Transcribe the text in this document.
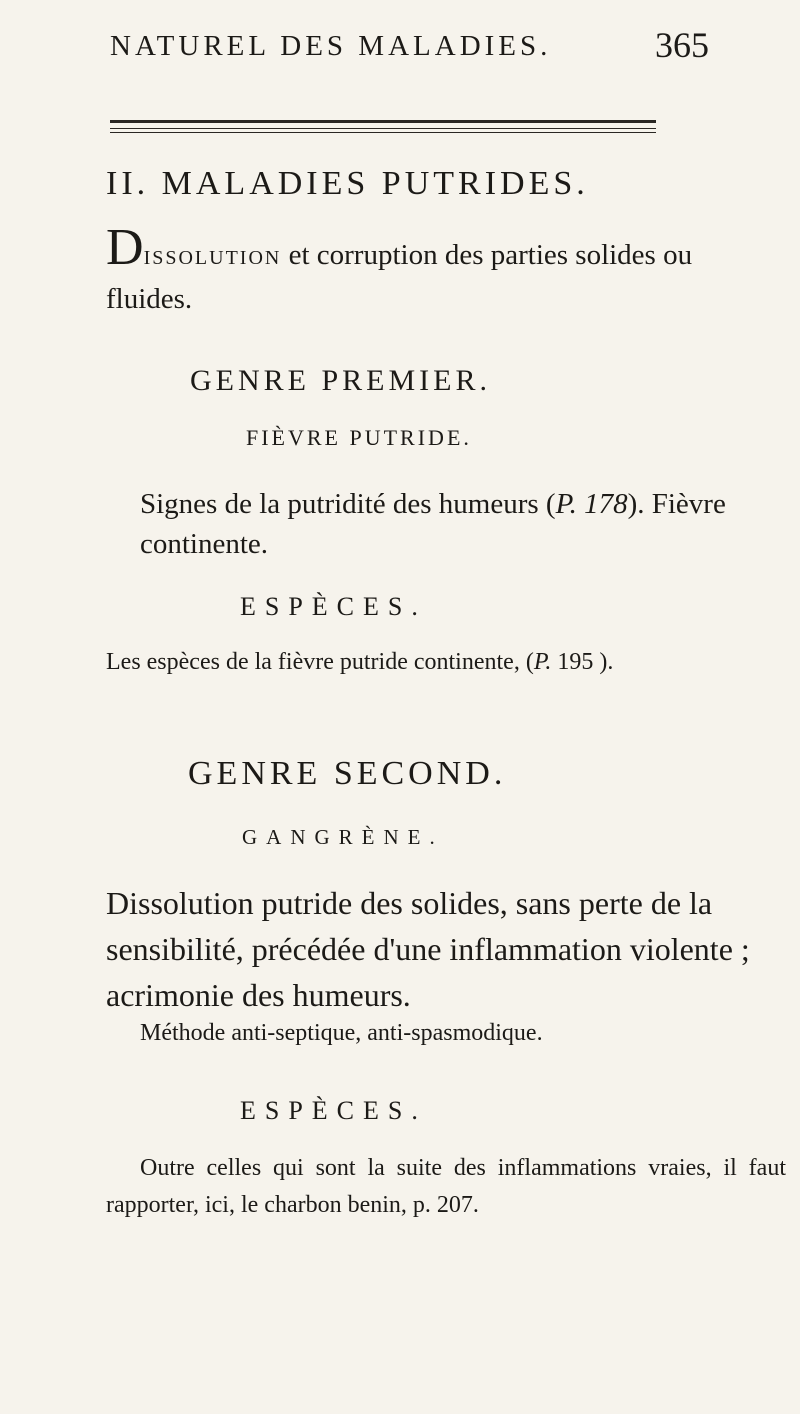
NATUREL DES MALADIES.	365
II. MALADIES PUTRIDES.
Dissolution et corruption des parties solides ou fluides.
GENRE PREMIER.
FIÈVRE PUTRIDE.
Signes de la putridité des humeurs (P. 178). Fièvre continente.
ESPÈCES.
Les espèces de la fièvre putride continente, (P. 195 ).
GENRE SECOND.
GANGRÈNE.
Dissolution putride des solides, sans perte de la sensibilité, précédée d'une inflammation violente ; acrimonie des humeurs.
Méthode anti-septique, anti-spasmodique.
ESPÈCES.
Outre celles qui sont la suite des inflammations vraies, il faut rapporter, ici, le charbon benin, p. 207.
